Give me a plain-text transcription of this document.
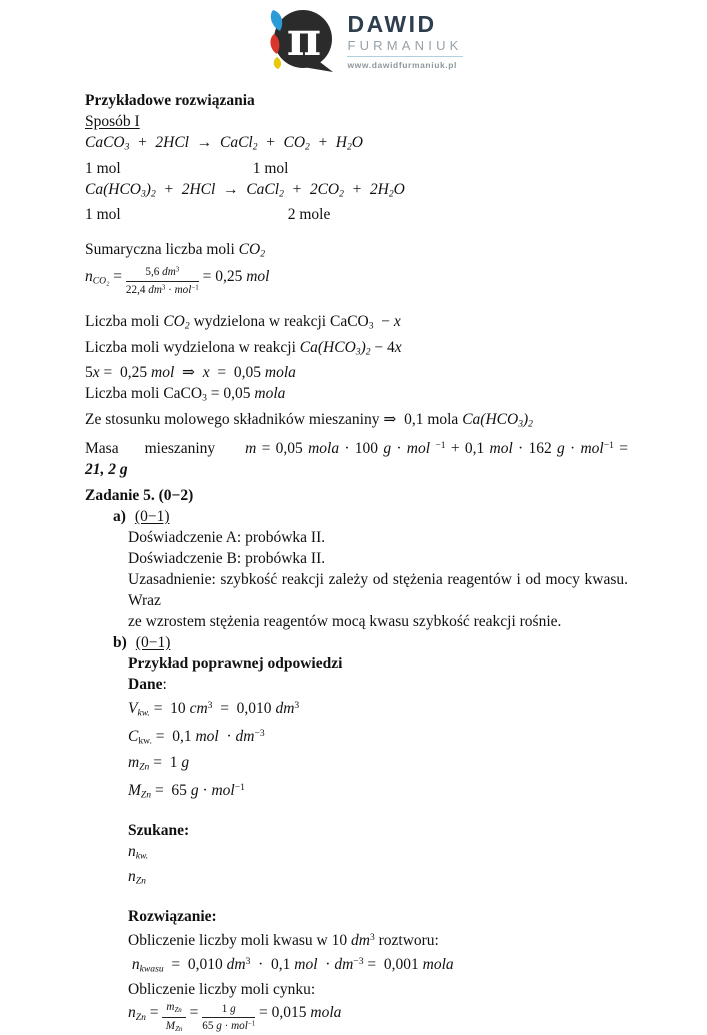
π DAWID
FURMANIUK
www.dawidfurmaniuk.pl
Przykładowe rozwiązania
Sposób I
CaCO3  +  2HCl  →  CaCl2  +  CO2  +  H2O
1 mol	1 mol
Ca(HCO3)2  +  2HCl  →  CaCl2  +  2CO2  +  2H2O
1 mol	2 mole
Sumaryczna liczba moli CO2
$nCO_2 = \frac{5,6 dm^3}{22,4 dm^3 \cdot mol^{-1}} = 0,25$ mol
Liczba moli CO2 wydzielona w reakcji CaCO3  − x
Liczba moli wydzielona w reakcji Ca(HCO3)2 − 4x
5x =  0,25 mol  ⇒  x  =  0,05 mola
Liczba moli CaCO3 = 0,05 mola
Ze stosunku molowego składników mieszaniny ⇒  0,1 mola Ca(HCO3)2
Masa mieszaniny m = 0,05 mola · 100 g · mol $^{-1}$ + 0,1 mol · 162 g · mol$^{-1}$ =
21, 2 g
Zadanie 5. (0−2)
a) (0−1)
Doświadczenie A: probówka II.
Doświadczenie B: probówka II.
Uzasadnienie: szybkość reakcji zależy od stężenia reagentów i od mocy kwasu. Wraz
ze wzrostem stężenia reagentów mocą kwasu szybkość reakcji rośnie.
b) (0−1)
Przykład poprawnej odpowiedzi
Dane:
Vkw. =  10 $cm^3 = 0,010$ $dm^3$
Ckw. =  0,1 mol  · $dm^{-3}$
mZn =  1 g
MZn =  65 g · mol$^{-1}$
Szukane:
nkw.
nZn
Rozwiązanie:
Obliczenie liczby moli kwasu w 10 $dm^3$ roztworu:
nkwasu  =  0,010 $dm^3 \cdot 0,1$ mol  · $dm^{-3} = 0,001$ mola
Obliczenie liczby moli cynku:
nZn = $\frac{\text{mZn}}{\text{MZn}} = \frac{1 g}{65 g \cdot mol^{-1}} = 0,015$ mola
